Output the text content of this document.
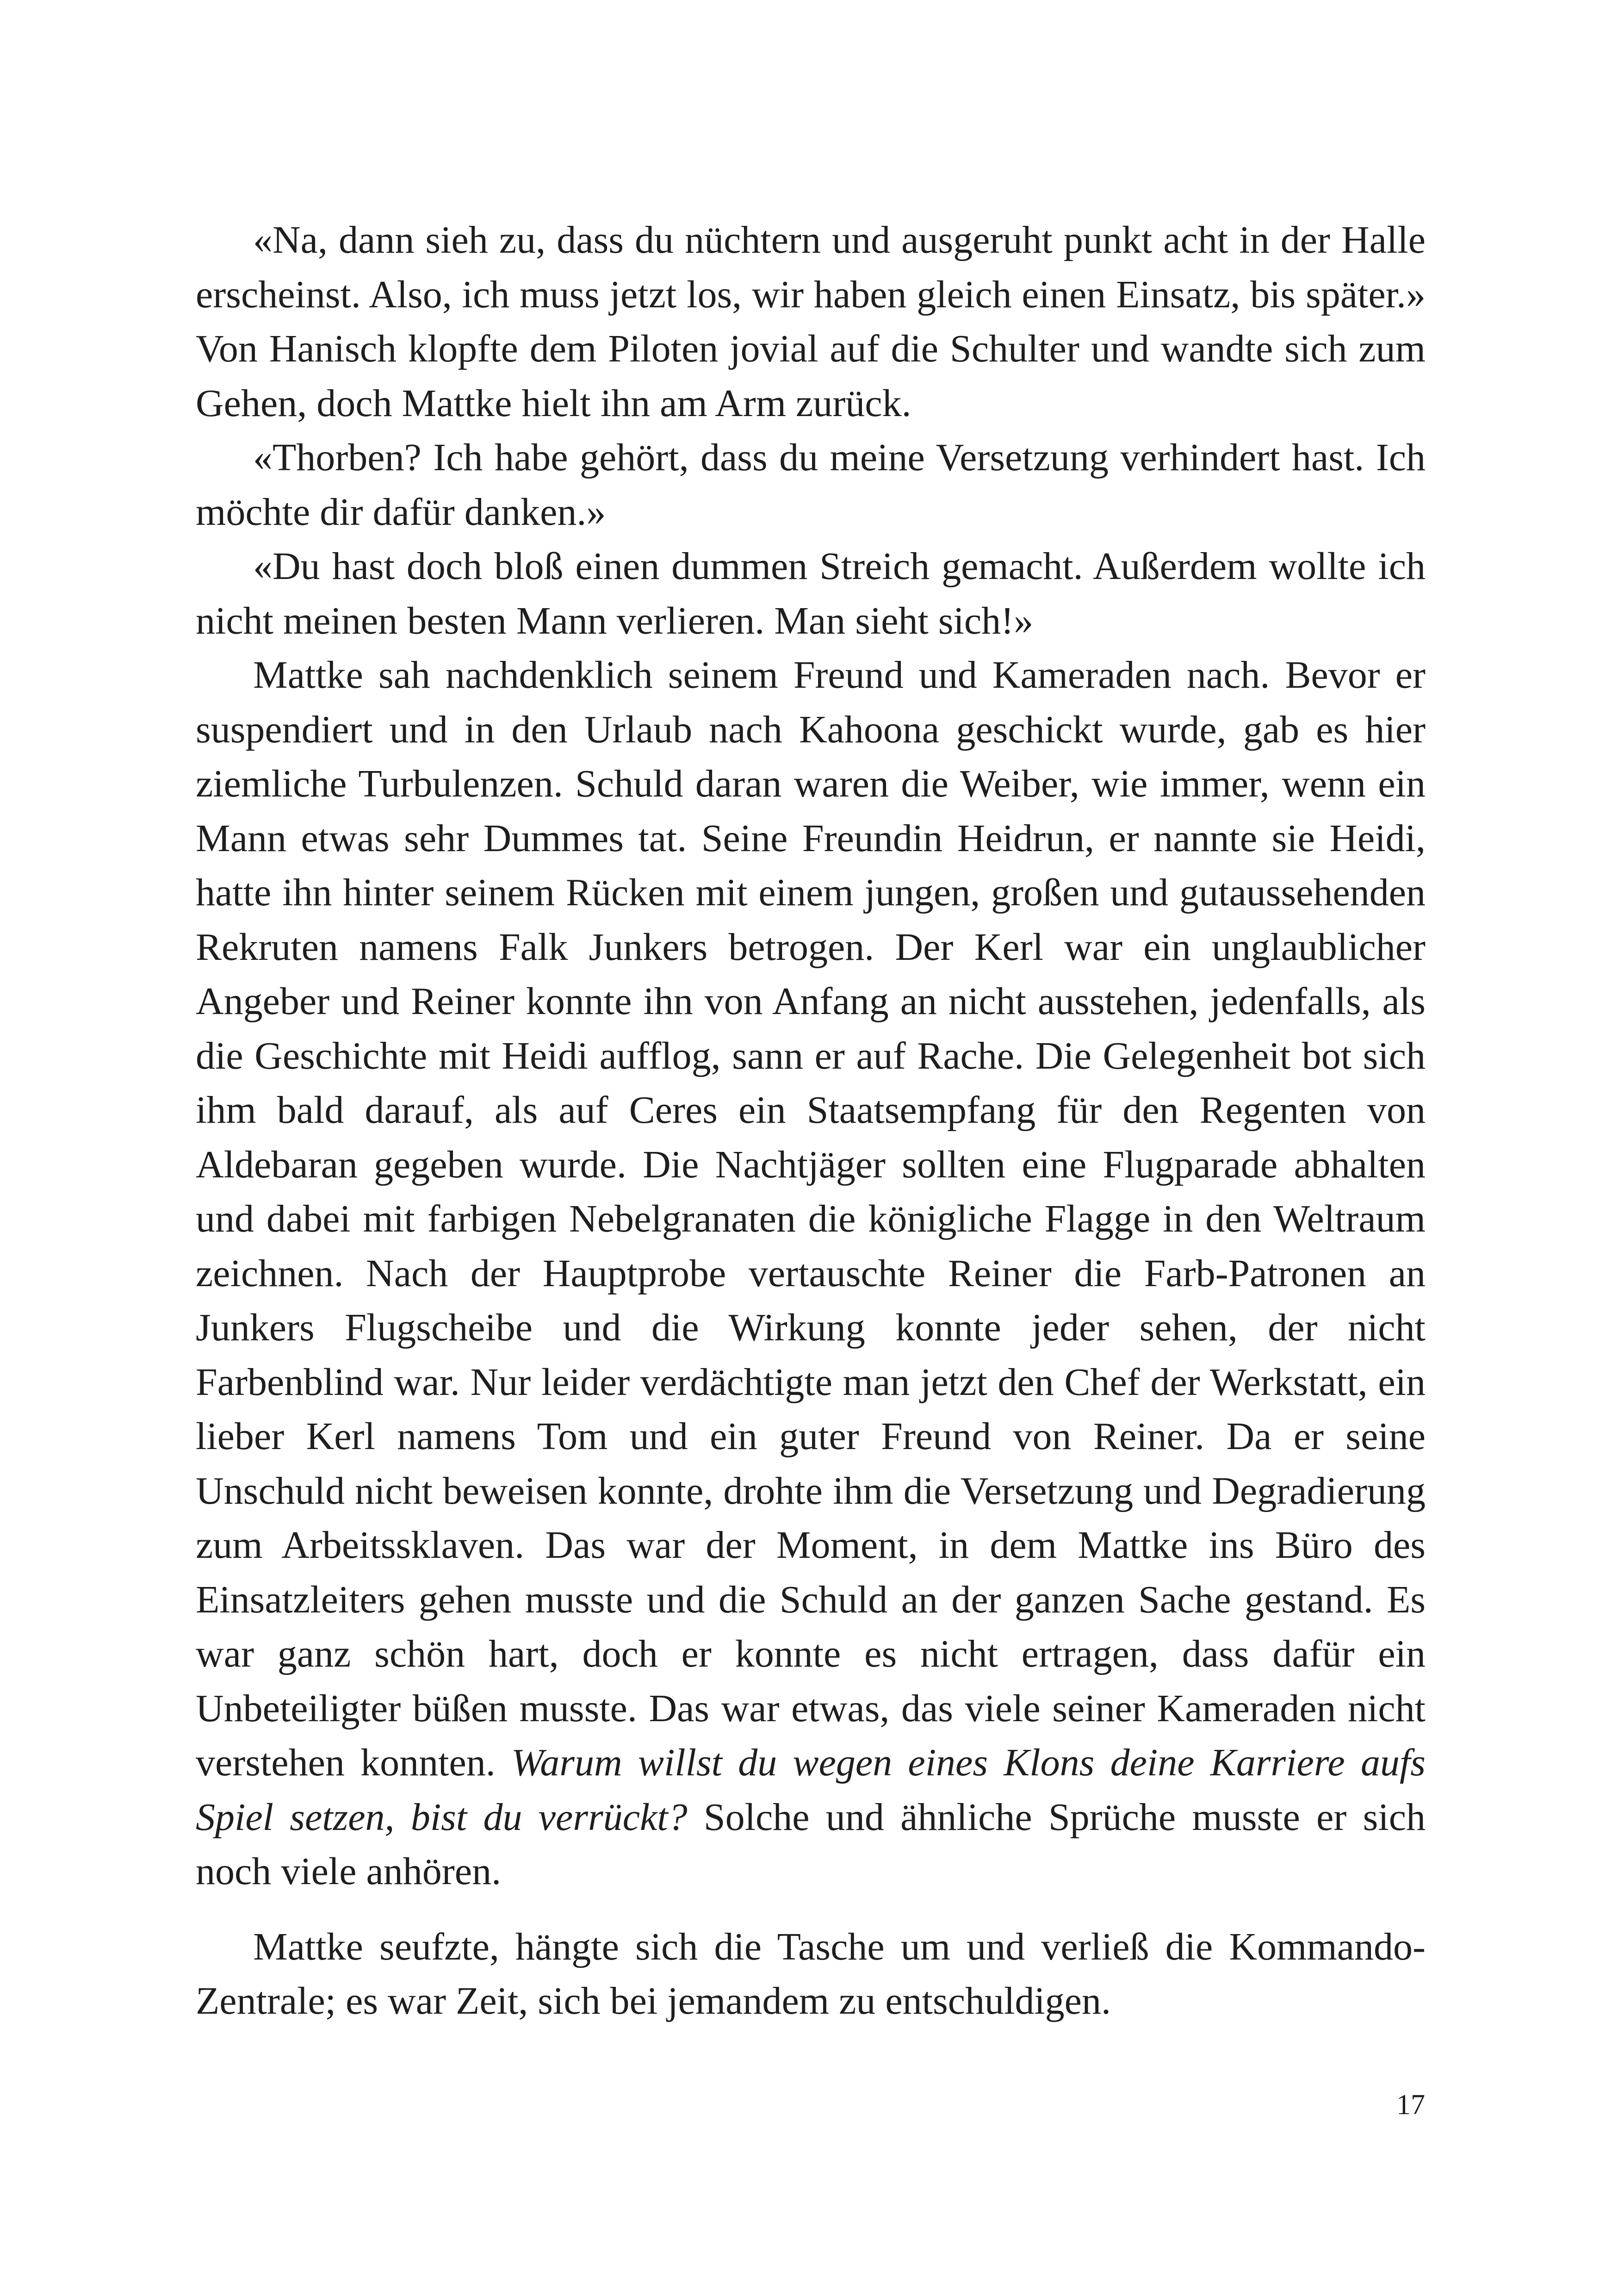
«Na, dann sieh zu, dass du nüchtern und ausgeruht punkt acht in der Halle erscheinst. Also, ich muss jetzt los, wir haben gleich einen Einsatz, bis später.» Von Hanisch klopfte dem Piloten jovial auf die Schulter und wandte sich zum Gehen, doch Mattke hielt ihn am Arm zurück.

«Thorben? Ich habe gehört, dass du meine Versetzung verhindert hast. Ich möchte dir dafür danken.»

«Du hast doch bloß einen dummen Streich gemacht. Außerdem wollte ich nicht meinen besten Mann verlieren. Man sieht sich!»

Mattke sah nachdenklich seinem Freund und Kameraden nach. Bevor er suspendiert und in den Urlaub nach Kahoona geschickt wurde, gab es hier ziemliche Turbulenzen. Schuld daran waren die Weiber, wie immer, wenn ein Mann etwas sehr Dummes tat. Seine Freundin Heidrun, er nannte sie Heidi, hatte ihn hinter seinem Rücken mit einem jungen, großen und gutaussehenden Rekruten namens Falk Junkers betrogen. Der Kerl war ein unglaublicher Angeber und Reiner konnte ihn von Anfang an nicht ausstehen, jedenfalls, als die Geschichte mit Heidi aufflog, sann er auf Rache. Die Gelegenheit bot sich ihm bald darauf, als auf Ceres ein Staatsempfang für den Regenten von Aldebaran gegeben wurde. Die Nachtjäger sollten eine Flugparade abhalten und dabei mit farbigen Nebelgranaten die königliche Flagge in den Weltraum zeichnen. Nach der Hauptprobe vertauschte Reiner die Farb-Patronen an Junkers Flugscheibe und die Wirkung konnte jeder sehen, der nicht Farbenblind war. Nur leider verdächtigte man jetzt den Chef der Werkstatt, ein lieber Kerl namens Tom und ein guter Freund von Reiner. Da er seine Unschuld nicht beweisen konnte, drohte ihm die Versetzung und Degradierung zum Arbeitssklaven. Das war der Moment, in dem Mattke ins Büro des Einsatzleiters gehen musste und die Schuld an der ganzen Sache gestand. Es war ganz schön hart, doch er konnte es nicht ertragen, dass dafür ein Unbeteiligter büßen musste. Das war etwas, das viele seiner Kameraden nicht verstehen konnten. Warum willst du wegen eines Klons deine Karriere aufs Spiel setzen, bist du verrückt? Solche und ähnliche Sprüche musste er sich noch viele anhören.

Mattke seufzte, hängte sich die Tasche um und verließ die Kommando-Zentrale; es war Zeit, sich bei jemandem zu entschuldigen.

17
